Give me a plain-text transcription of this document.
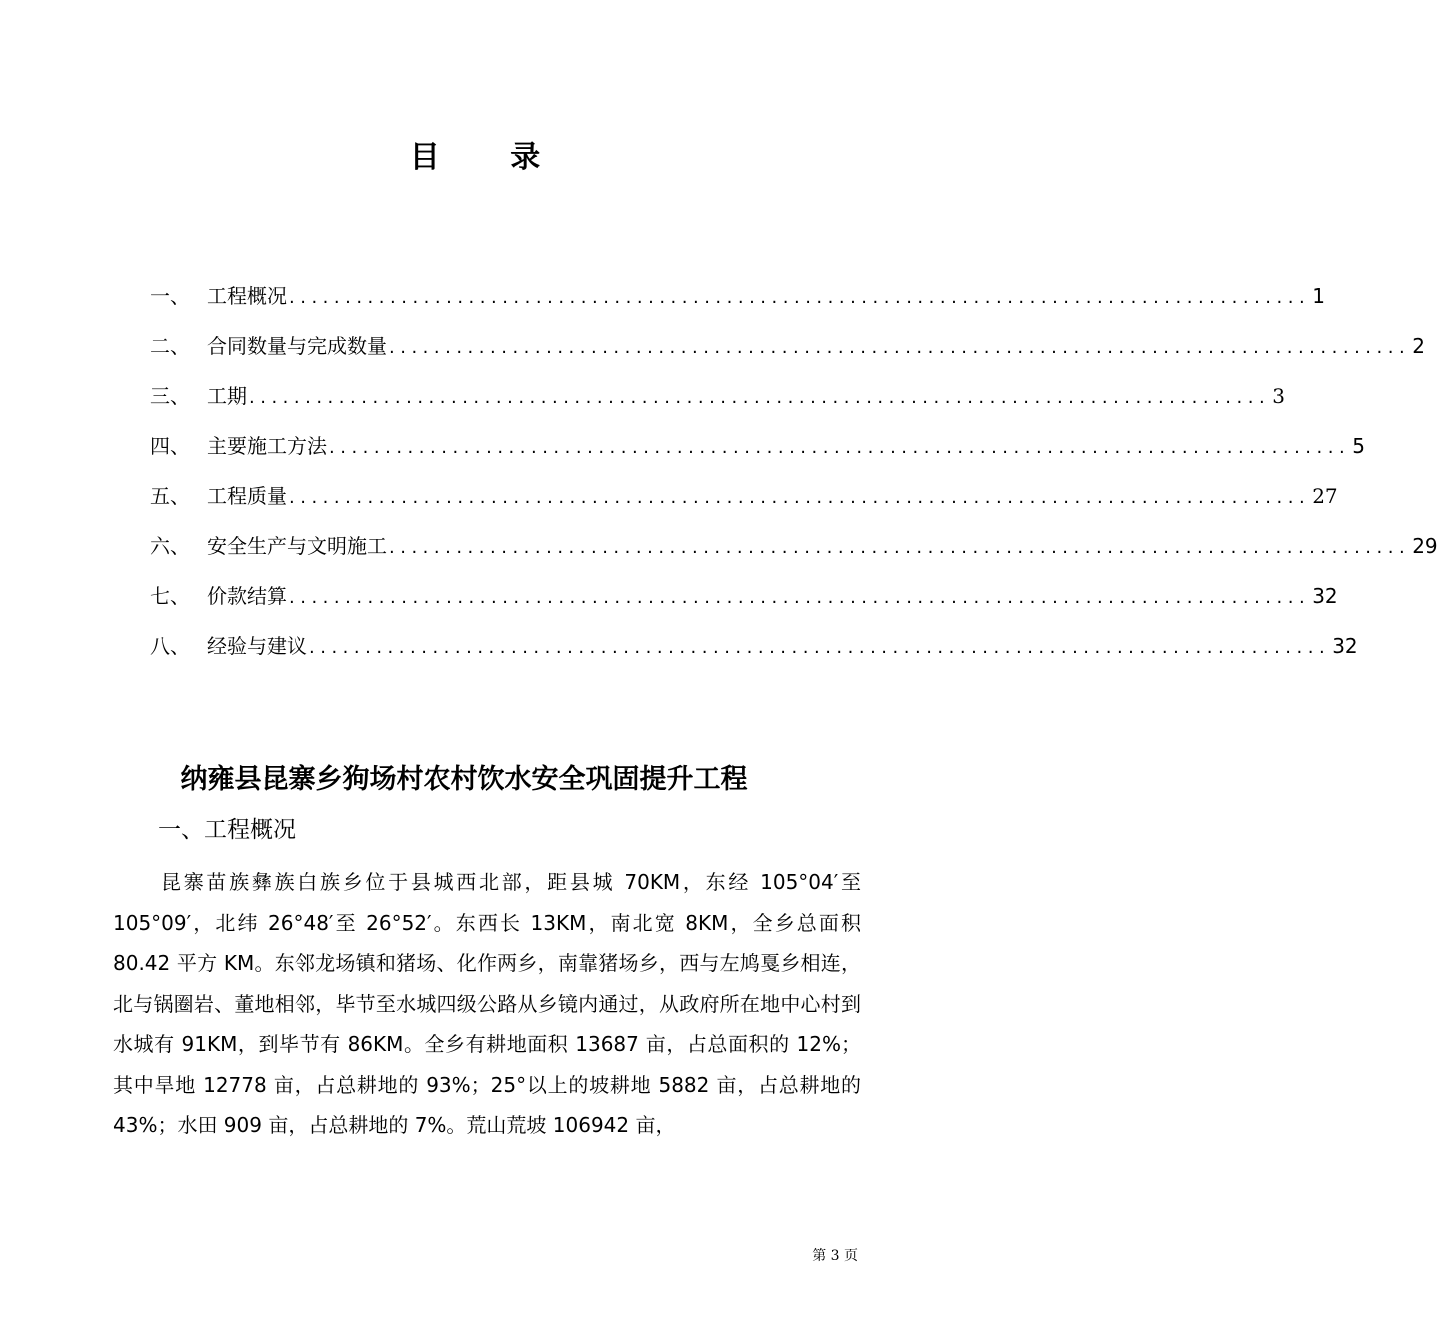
目 录
一、 工程概况 ........................................................................................... 1
二、 合同数量与完成数量 ........................................................................................... 2
三、 工期 ........................................................................................... 3
四、 主要施工方法 ........................................................................................... 5
五、 工程质量 ........................................................................................... 27
六、 安全生产与文明施工 ........................................................................................... 29
七、 价款结算 ........................................................................................... 32
八、 经验与建议 ........................................................................................... 32
纳雍县昆寨乡狗场村农村饮水安全巩固提升工程
一、工程概况
昆寨苗族彝族白族乡位于县城西北部，距县城 70KM，东经 105°04′至 105°09′，北纬 26°48′至 26°52′。东西长 13KM，南北宽 8KM，全乡总面积 80.42 平方 KM。东邻龙场镇和猪场、化作两乡，南靠猪场乡，西与左鸠戛乡相连，北与锅圈岩、董地相邻，毕节至水城四级公路从乡镜内通过，从政府所在地中心村到水城有 91KM，到毕节有 86KM。全乡有耕地面积 13687 亩，占总面积的 12%；其中旱地 12778 亩，占总耕地的 93%；25°以上的坡耕地 5882 亩，占总耕地的 43%；水田 909 亩，占总耕地的 7%。荒山荒坡 106942 亩，
第 3 页
